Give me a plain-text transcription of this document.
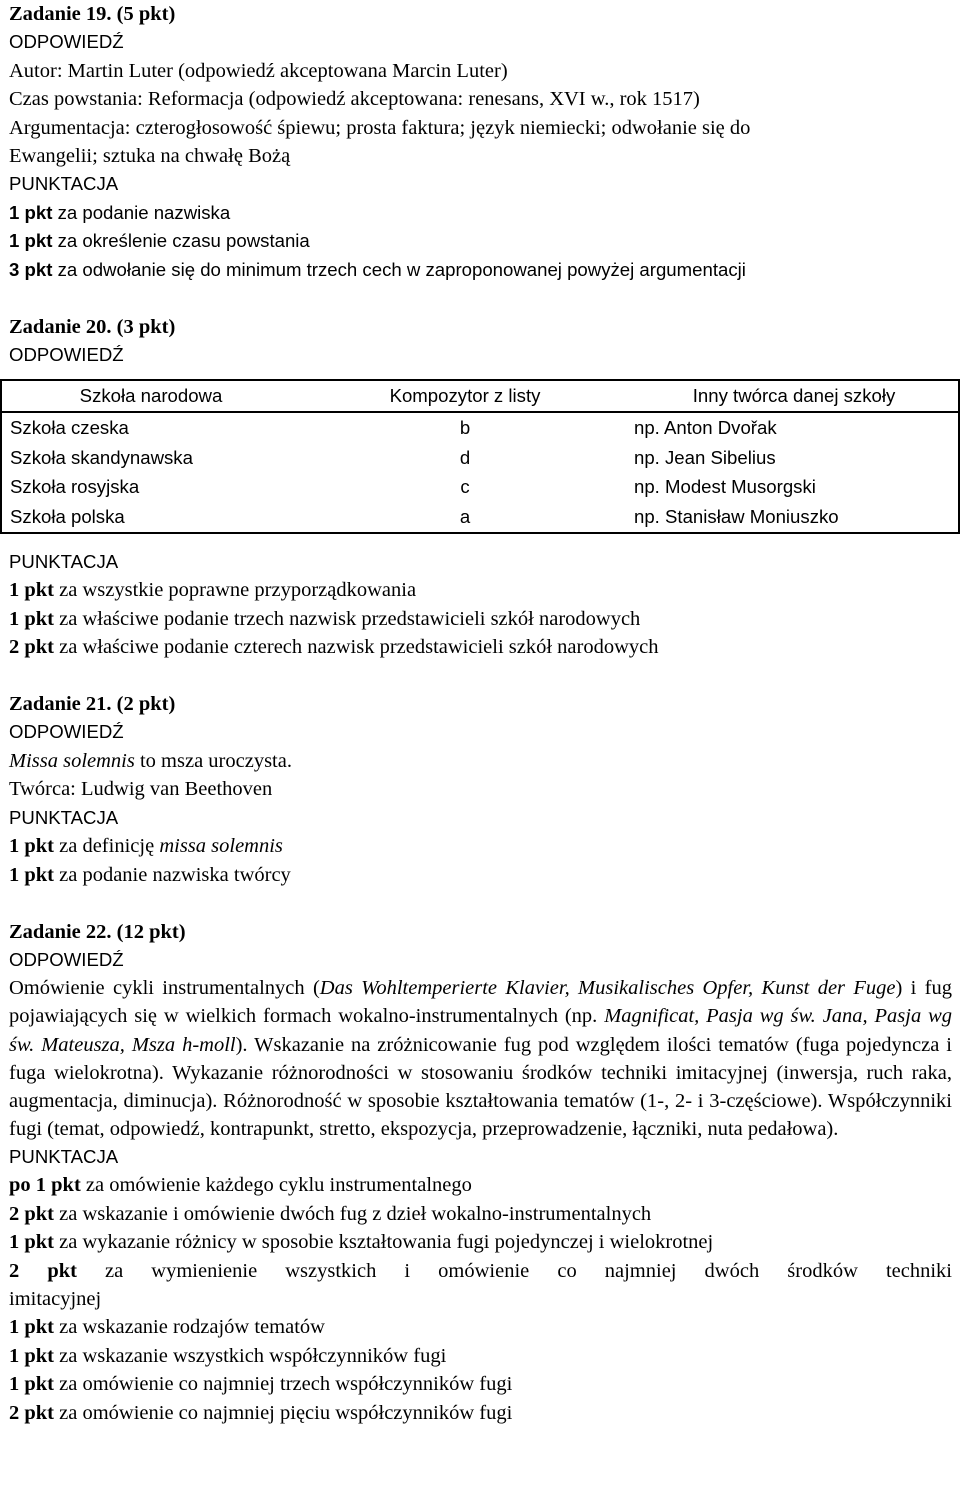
Zadanie 19. (5 pkt)
ODPOWIEDŹ
Autor: Martin Luter (odpowiedź akceptowana Marcin Luter)
Czas powstania: Reformacja (odpowiedź akceptowana: renesans, XVI w., rok 1517)
Argumentacja: czterogłosowość śpiewu; prosta faktura; język niemiecki; odwołanie się do
Ewangelii; sztuka na chwałę Bożą
PUNKTACJA
1 pkt za podanie nazwiska
1 pkt za określenie czasu powstania
3 pkt za odwołanie się do minimum trzech cech w zaproponowanej powyżej argumentacji
Zadanie 20. (3 pkt)
ODPOWIEDŹ
Szkoła narodowa	Kompozytor z listy	Inny twórca danej szkoły
Szkoła czeska	b	np. Anton Dvořak
Szkoła skandynawska	d	np. Jean Sibelius
Szkoła rosyjska	c	np. Modest Musorgski
Szkoła polska	a	np. Stanisław Moniuszko
PUNKTACJA
1 pkt za wszystkie poprawne przyporządkowania
1 pkt za właściwe podanie trzech nazwisk przedstawicieli szkół narodowych
2 pkt za właściwe podanie czterech nazwisk przedstawicieli szkół narodowych
Zadanie 21. (2 pkt)
ODPOWIEDŹ
Missa solemnis to msza uroczysta.
Twórca: Ludwig van Beethoven
PUNKTACJA
1 pkt za definicję missa solemnis
1 pkt za podanie nazwiska twórcy
Zadanie 22. (12 pkt)
ODPOWIEDŹ
Omówienie cykli instrumentalnych (Das Wohltemperierte Klavier, Musikalisches Opfer, Kunst der Fuge) i fug pojawiających się w wielkich formach wokalno-instrumentalnych (np. Magnificat, Pasja wg św. Jana, Pasja wg św. Mateusza, Msza h-moll). Wskazanie na zróżnicowanie fug pod względem ilości tematów (fuga pojedyncza i fuga wielokrotna). Wykazanie różnorodności w stosowaniu środków techniki imitacyjnej (inwersja, ruch raka, augmentacja, diminucja). Różnorodność w sposobie kształtowania tematów (1-, 2- i 3-częściowe). Współczynniki fugi (temat, odpowiedź, kontrapunkt, stretto, ekspozycja, przeprowadzenie, łączniki, nuta pedałowa).
PUNKTACJA
po 1 pkt za omówienie każdego cyklu instrumentalnego
2 pkt za wskazanie i omówienie dwóch fug z dzieł wokalno-instrumentalnych
1 pkt za wykazanie różnicy w sposobie kształtowania fugi pojedynczej i wielokrotnej
2 pkt za wymienienie wszystkich i omówienie co najmniej dwóch środków techniki
imitacyjnej
1 pkt za wskazanie rodzajów tematów
1 pkt za wskazanie wszystkich współczynników fugi
1 pkt za omówienie co najmniej trzech współczynników fugi
2 pkt za omówienie co najmniej pięciu współczynników fugi
